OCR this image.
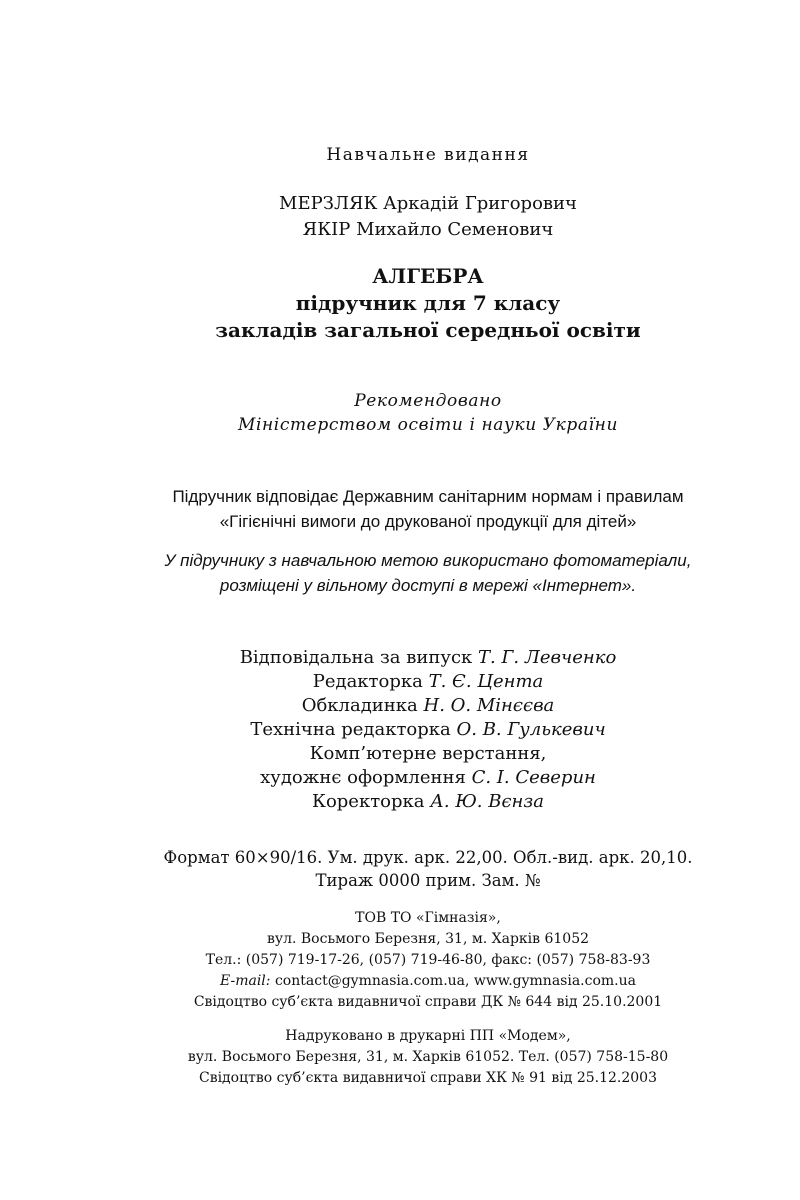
Навчальне видання
МЕРЗЛЯК Аркадій Григорович
ЯКІР Михайло Семенович
АЛГЕБРА
підручник для 7 класу
закладів загальної середньої освіти
Рекомендовано
Міністерством освіти і науки України
Підручник відповідає Державним санітарним нормам і правилам
«Гігієнічні вимоги до друкованої продукції для дітей»
У підручнику з навчальною метою використано фотоматеріали,
розміщені у вільному доступі в мережі «Інтернет».
Відповідальна за випуск Т. Г. Левченко
Редакторка Т. Є. Цента
Обкладинка Н. О. Мінєєва
Технічна редакторка О. В. Гулькевич
Комп’ютерне верстання,
художнє оформлення С. І. Северин
Коректорка А. Ю. Вєнза
Формат 60×90/16. Ум. друк. арк. 22,00. Обл.-вид. арк. 20,10.
Тираж 0000 прим. Зам. №
ТОВ ТО «Гімназія»,
вул. Восьмого Березня, 31, м. Харків 61052
Тел.: (057) 719-17-26, (057) 719-46-80, факс: (057) 758-83-93
E-mail: contact@gymnasia.com.ua, www.gymnasia.com.ua
Свідоцтво суб’єкта видавничої справи ДК № 644 від 25.10.2001
Надруковано в друкарні ПП «Модем»,
вул. Восьмого Березня, 31, м. Харків 61052. Тел. (057) 758-15-80
Свідоцтво суб’єкта видавничої справи ХК № 91 від 25.12.2003
